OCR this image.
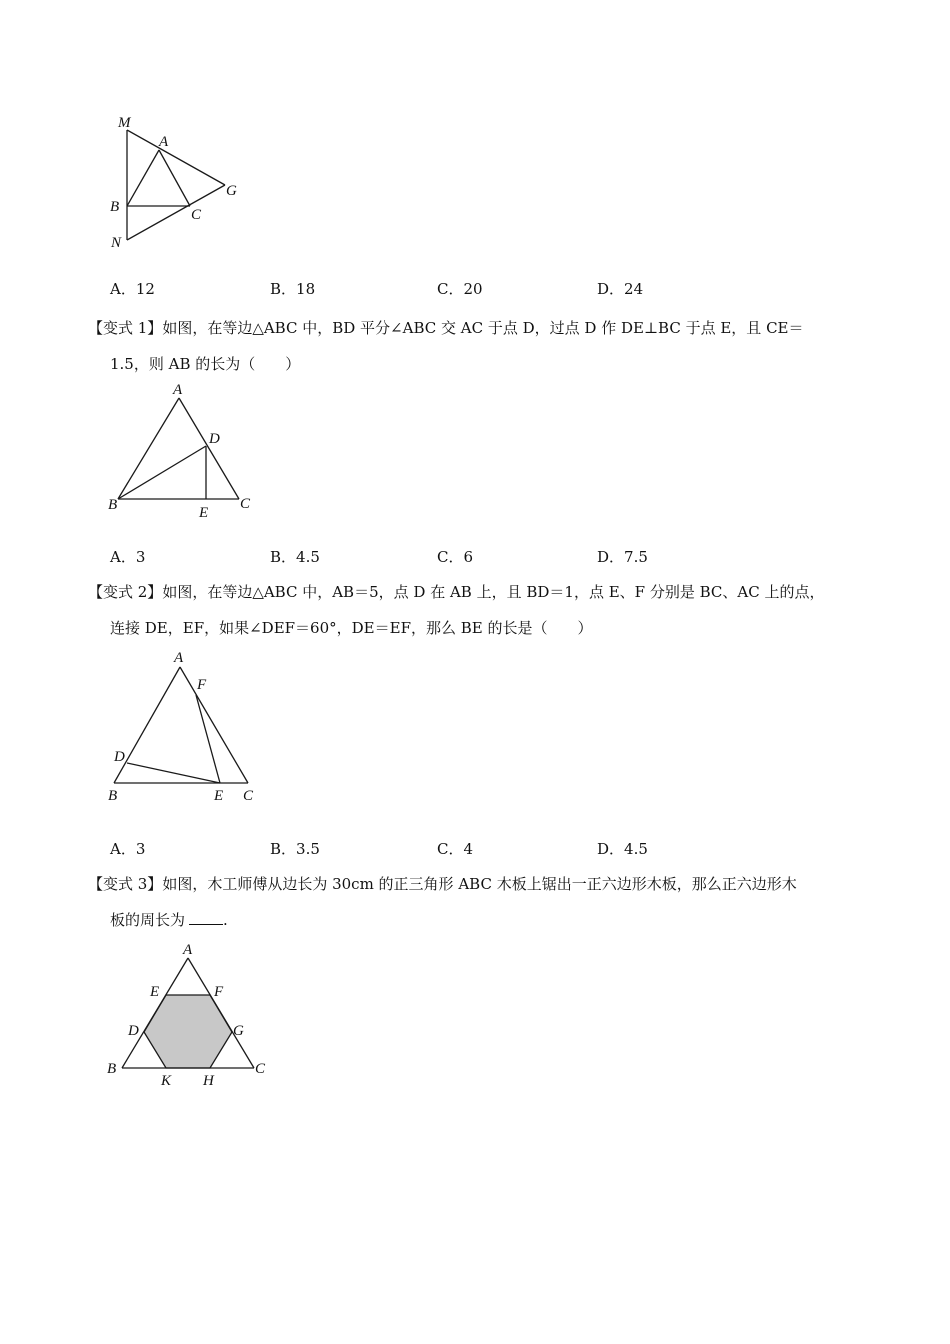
M
A
G
B	C
N
A．12	B．18	C．20	D．24
【变式 1】如图，在等边△ABC 中，BD 平分∠ABC 交 AC 于点 D，过点 D 作 DE⊥BC 于点 E，且 CE＝
1.5，则 AB 的长为（　　）
A
D
B	E
C
A．3	B．4.5	C．6	D．7.5
【变式 2】如图，在等边△ABC 中，AB＝5，点 D 在 AB 上，且 BD＝1，点 E、F 分别是 BC、AC 上的点，
连接 DE，EF，如果∠DEF＝60°，DE＝EF，那么 BE 的长是（　　）
A
F
D
B	E C
A．3	B．3.5	C．4	D．4.5
【变式 3】如图，木工师傅从边长为 30cm 的正三角形 ABC 木板上锯出一正六边形木板，那么正六边形木
板的周长为	.
A
E	F
D	G
B
K H
C
